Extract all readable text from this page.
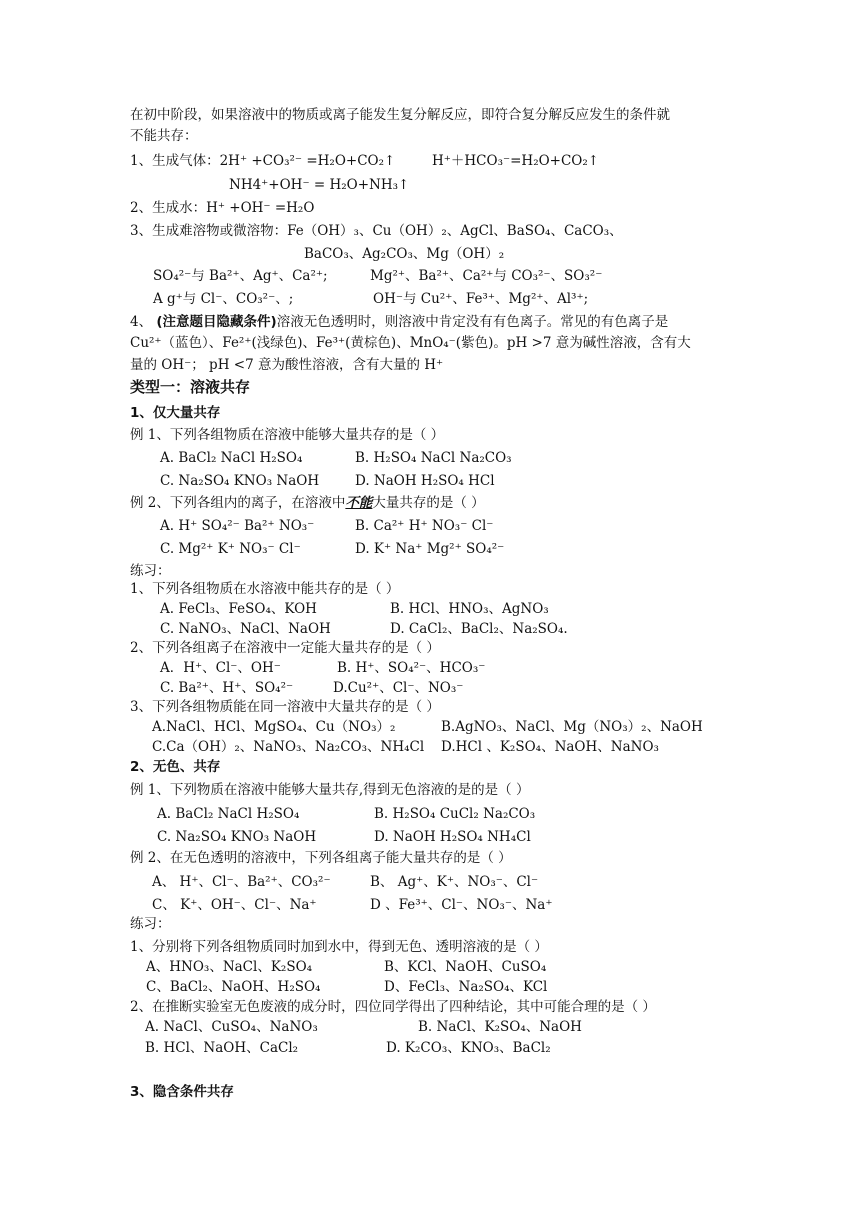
在初中阶段，如果溶液中的物质或离子能发生复分解反应，即符合复分解反应发生的条件就
不能共存：
1、生成气体：2H⁺ +CO₃²⁻ =H₂O+CO₂↑	H⁺＋HCO₃⁻=H₂O+CO₂↑
NH4⁺+OH⁻ = H₂O+NH₃↑
2、生成水：H⁺ +OH⁻ =H₂O
3、生成难溶物或微溶物：Fe（OH）₃、Cu（OH）₂、AgCl、BaSO₄、CaCO₃、
BaCO₃、Ag₂CO₃、Mg（OH）₂
SO₄²⁻与 Ba²⁺、Ag⁺、Ca²⁺;	Mg²⁺、Ba²⁺、Ca²⁺与 CO₃²⁻、SO₃²⁻
A g⁺与 Cl⁻、CO₃²⁻、;	OH⁻与 Cu²⁺、Fe³⁺、Mg²⁺、Al³⁺;
4、 (注意题目隐藏条件)溶液无色透明时，则溶液中肯定没有有色离子。常见的有色离子是
Cu²⁺（蓝色）、Fe²⁺(浅绿色)、Fe³⁺(黄棕色)、MnO₄⁻(紫色)。pH >7 意为碱性溶液，含有大
量的 OH⁻； pH <7 意为酸性溶液，含有大量的 H⁺
类型一：溶液共存
1、仅大量共存
例 1、下列各组物质在溶液中能够大量共存的是（ ）
A. BaCl₂ NaCl H₂SO₄	B. H₂SO₄ NaCl Na₂CO₃
C. Na₂SO₄ KNO₃ NaOH	D. NaOH H₂SO₄ HCl
例 2、下列各组内的离子，在溶液中不能大量共存的是（ ）
A. H⁺ SO₄²⁻ Ba²⁺ NO₃⁻	B. Ca²⁺ H⁺ NO₃⁻ Cl⁻
C. Mg²⁺ K⁺ NO₃⁻ Cl⁻	D. K⁺ Na⁺ Mg²⁺ SO₄²⁻
练习：
1、下列各组物质在水溶液中能共存的是（ ）
A. FeCl₃、FeSO₄、KOH	B. HCl、HNO₃、AgNO₃
C. NaNO₃、NaCl、NaOH	D. CaCl₂、BaCl₂、Na₂SO₄.
2、下列各组离子在溶液中一定能大量共存的是（ ）
A．H⁺、Cl⁻、OH⁻	B. H⁺、SO₄²⁻、HCO₃⁻
C. Ba²⁺、H⁺、SO₄²⁻	D.Cu²⁺、Cl⁻、NO₃⁻
3、下列各组物质能在同一溶液中大量共存的是（ ）
A.NaCl、HCl、MgSO₄、Cu（NO₃）₂	B.AgNO₃、NaCl、Mg（NO₃）₂、NaOH
C.Ca（OH）₂、NaNO₃、Na₂CO₃、NH₄Cl D.HCl 、K₂SO₄、NaOH、NaNO₃
2、无色、共存
例 1、下列物质在溶液中能够大量共存,得到无色溶液的是的是（ ）
A. BaCl₂ NaCl H₂SO₄	B. H₂SO₄ CuCl₂ Na₂CO₃
C. Na₂SO₄ KNO₃ NaOH	D. NaOH H₂SO₄ NH₄Cl
例 2、在无色透明的溶液中，下列各组离子能大量共存的是（ ）
A、 H⁺、Cl⁻、Ba²⁺、CO₃²⁻	B、 Ag⁺、K⁺、NO₃⁻、Cl⁻
C、 K⁺、OH⁻、Cl⁻、Na⁺	D 、Fe³⁺、Cl⁻、NO₃⁻、Na⁺
练习：
1、分别将下列各组物质同时加到水中，得到无色、透明溶液的是（ ）
A、HNO₃、NaCl、K₂SO₄	B、KCl、NaOH、CuSO₄
C、BaCl₂、NaOH、H₂SO₄	D、FeCl₃、Na₂SO₄、KCl
2、在推断实验室无色废液的成分时，四位同学得出了四种结论，其中可能合理的是（ ）
A. NaCl、CuSO₄、NaNO₃	B. NaCl、K₂SO₄、NaOH
B. HCl、NaOH、CaCl₂	D. K₂CO₃、KNO₃、BaCl₂
3、隐含条件共存
